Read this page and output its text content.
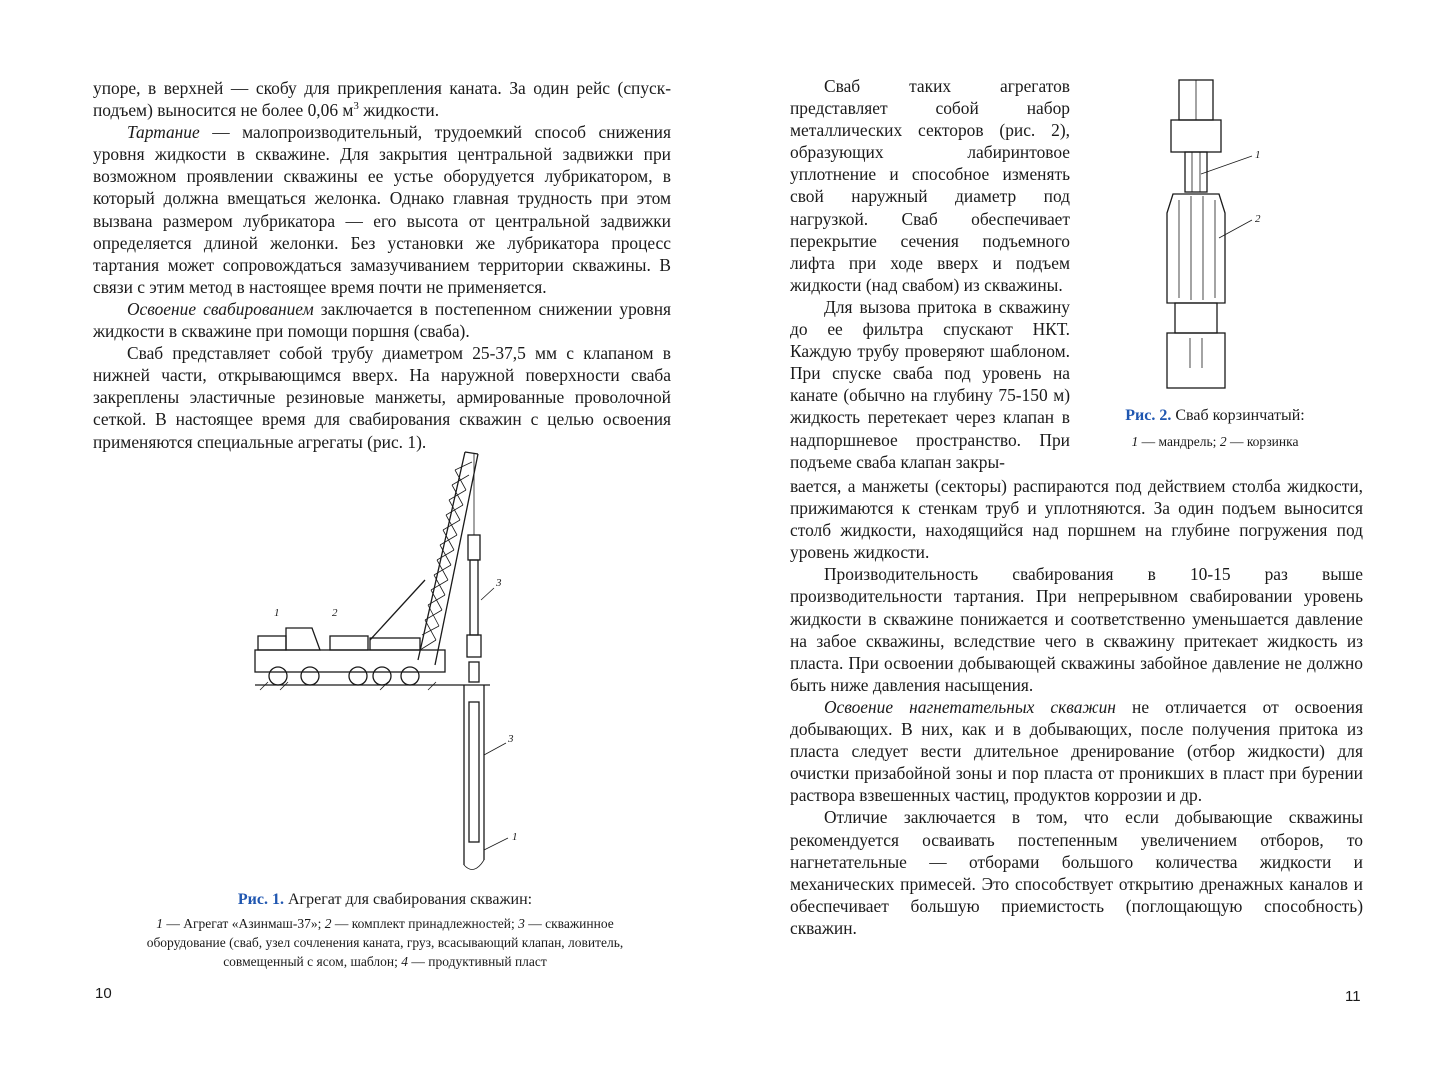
упоре, в верхней — скобу для прикрепления каната. За один рейс (спуск-подъем) выносится не более 0,06 $м^3$ жидкости.

Тартание — малопроизводительный, трудоемкий способ снижения уровня жидкости в скважине. Для закрытия центральной задвижки при возможном проявлении скважины ее устье оборудуется лубрикатором, в который должна вмещаться желонка. Однако главная трудность при этом вызвана размером лубрикатора — его высота от центральной задвижки определяется длиной желонки. Без установки же лубрикатора процесс тартания может сопровождаться замазучиванием территории скважины. В связи с этим метод в настоящее время почти не применяется.

Освоение свабированием заключается в постепенном снижении уровня жидкости в скважине при помощи поршня (сваба).

Сваб представляет собой трубу диаметром 25-37,5 мм с клапаном в нижней части, открывающимся вверх. На наружной поверхности сваба закреплены эластичные резиновые манжеты, армированные проволочной сеткой. В настоящее время для свабирования скважин с целью освоения применяются специальные агрегаты (рис. 1).

1	2
3
3
1
Рис. 1. Агрегат для свабирования скважин:
1 — Агрегат «Азинмаш-37»; 2 — комплект принадлежностей; 3 — скважинное оборудование (сваб, узел сочленения каната, груз, всасывающий клапан, ловитель, совмещенный с ясом, шаблон; 4 — продуктивный пласт
10

Сваб таких агрегатов представляет собой набор металлических секторов (рис. 2), образующих лабиринтовое уплотнение и способное изменять свой наружный диаметр под нагрузкой. Сваб обеспечивает перекрытие сечения подъемного лифта при ходе вверх и подъем жидкости (над свабом) из скважины.

Для вызова притока в скважину до ее фильтра спускают НКТ. Каждую трубу проверяют шаблоном. При спуске сваба под уровень на канате (обычно на глубину 75-150 м) жидкость перетекает через клапан в надпоршневое пространство. При подъеме сваба клапан закры-

1
2
Рис. 2. Сваб корзинчатый:
1 — мандрель; 2 — корзинка

вается, а манжеты (секторы) распираются под действием столба жидкости, прижимаются к стенкам труб и уплотняются. За один подъем выносится столб жидкости, находящийся над поршнем на глубине погружения под уровень жидкости.

Производительность свабирования в 10-15 раз выше производительности тартания. При непрерывном свабировании уровень жидкости в скважине понижается и соответственно уменьшается давление на забое скважины, вследствие чего в скважину притекает жидкость из пласта. При освоении добывающей скважины забойное давление не должно быть ниже давления насыщения.

Освоение нагнетательных скважин не отличается от освоения добывающих. В них, как и в добывающих, после получения притока из пласта следует вести длительное дренирование (отбор жидкости) для очистки призабойной зоны и пор пласта от проникших в пласт при бурении раствора взвешенных частиц, продуктов коррозии и др.

Отличие заключается в том, что если добывающие скважины рекомендуется осваивать постепенным увеличением отборов, то нагнетательные — отборами большого количества жидкости и механических примесей. Это способствует открытию дренажных каналов и обеспечивает большую приемистость (поглощающую способность) скважин.

11
